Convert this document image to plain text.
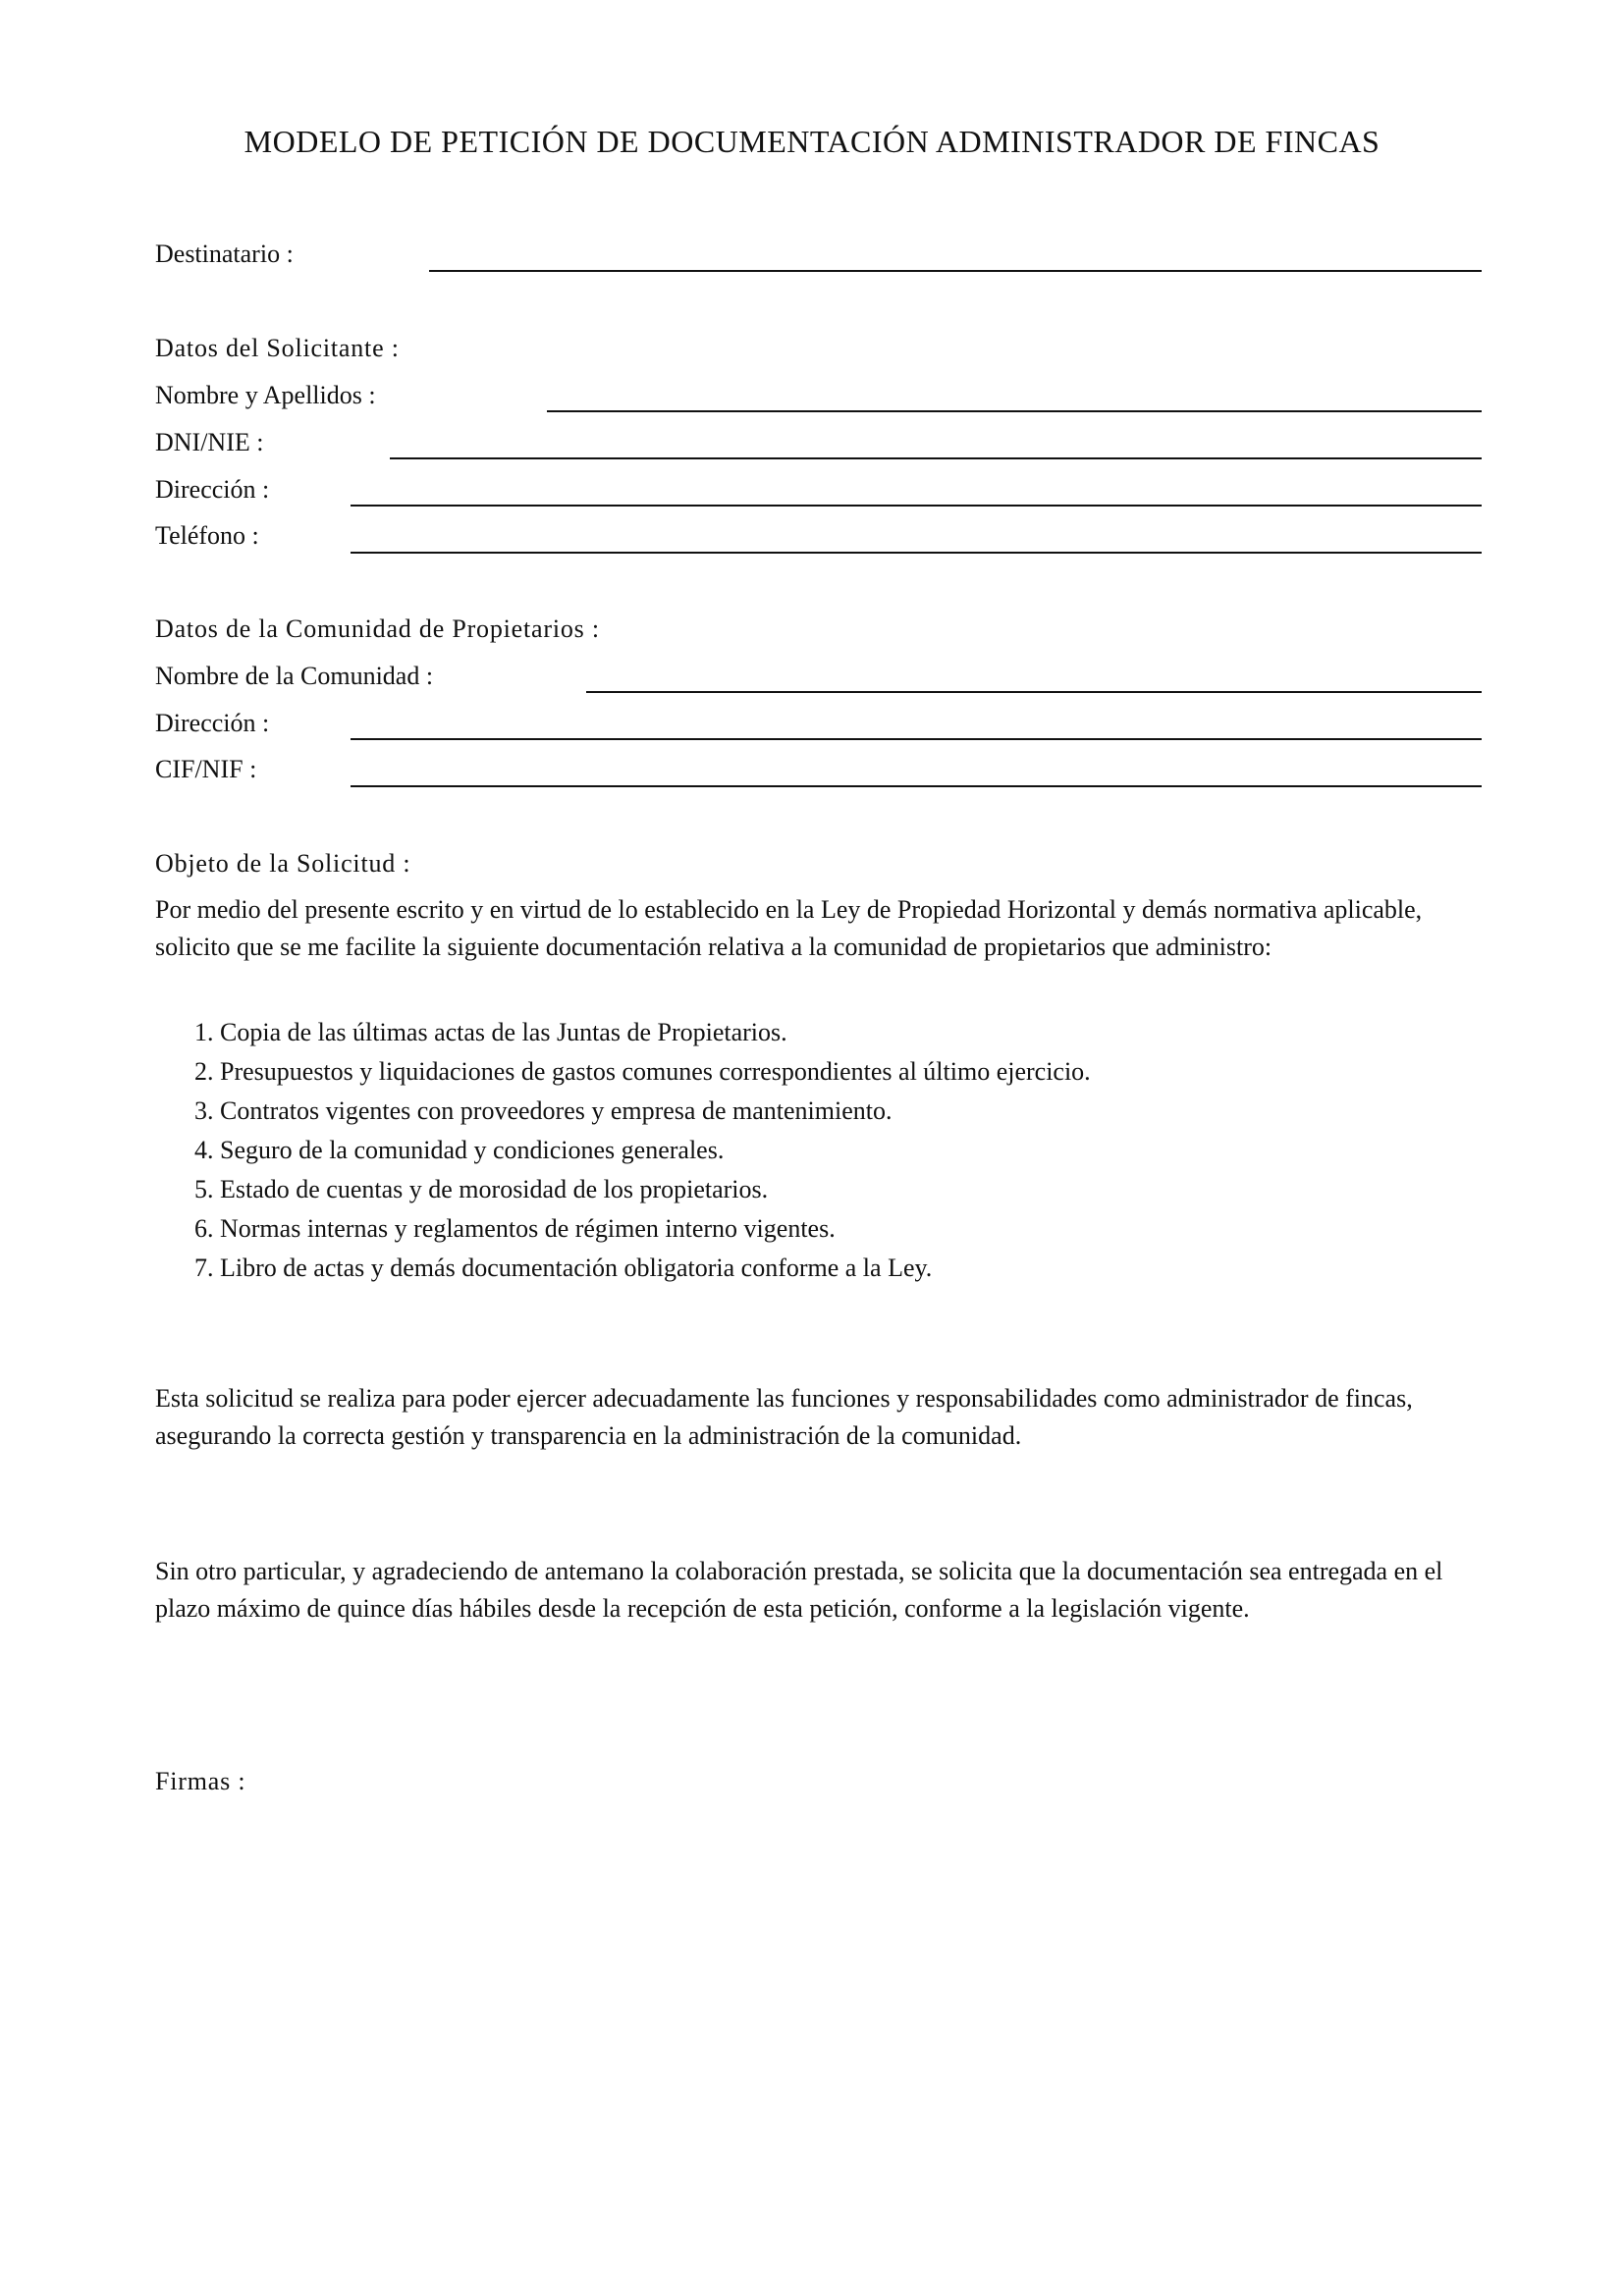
MODELO DE PETICIÓN DE DOCUMENTACIÓN ADMINISTRADOR DE FINCAS
Destinatario :
Datos del Solicitante :
Nombre y Apellidos :
DNI/NIE :
Dirección :
Teléfono :
Datos de la Comunidad de Propietarios :
Nombre de la Comunidad :
Dirección :
CIF/NIF :
Objeto de la Solicitud :
Por medio del presente escrito y en virtud de lo establecido en la Ley de Propiedad Horizontal y demás normativa aplicable, solicito que se me facilite la siguiente documentación relativa a la comunidad de propietarios que administro:
1. Copia de las últimas actas de las Juntas de Propietarios.
2. Presupuestos y liquidaciones de gastos comunes correspondientes al último ejercicio.
3. Contratos vigentes con proveedores y empresa de mantenimiento.
4. Seguro de la comunidad y condiciones generales.
5. Estado de cuentas y de morosidad de los propietarios.
6. Normas internas y reglamentos de régimen interno vigentes.
7. Libro de actas y demás documentación obligatoria conforme a la Ley.
Esta solicitud se realiza para poder ejercer adecuadamente las funciones y responsabilidades como administrador de fincas, asegurando la correcta gestión y transparencia en la administración de la comunidad.
Sin otro particular, y agradeciendo de antemano la colaboración prestada, se solicita que la documentación sea entregada en el plazo máximo de quince días hábiles desde la recepción de esta petición, conforme a la legislación vigente.
Firmas :
